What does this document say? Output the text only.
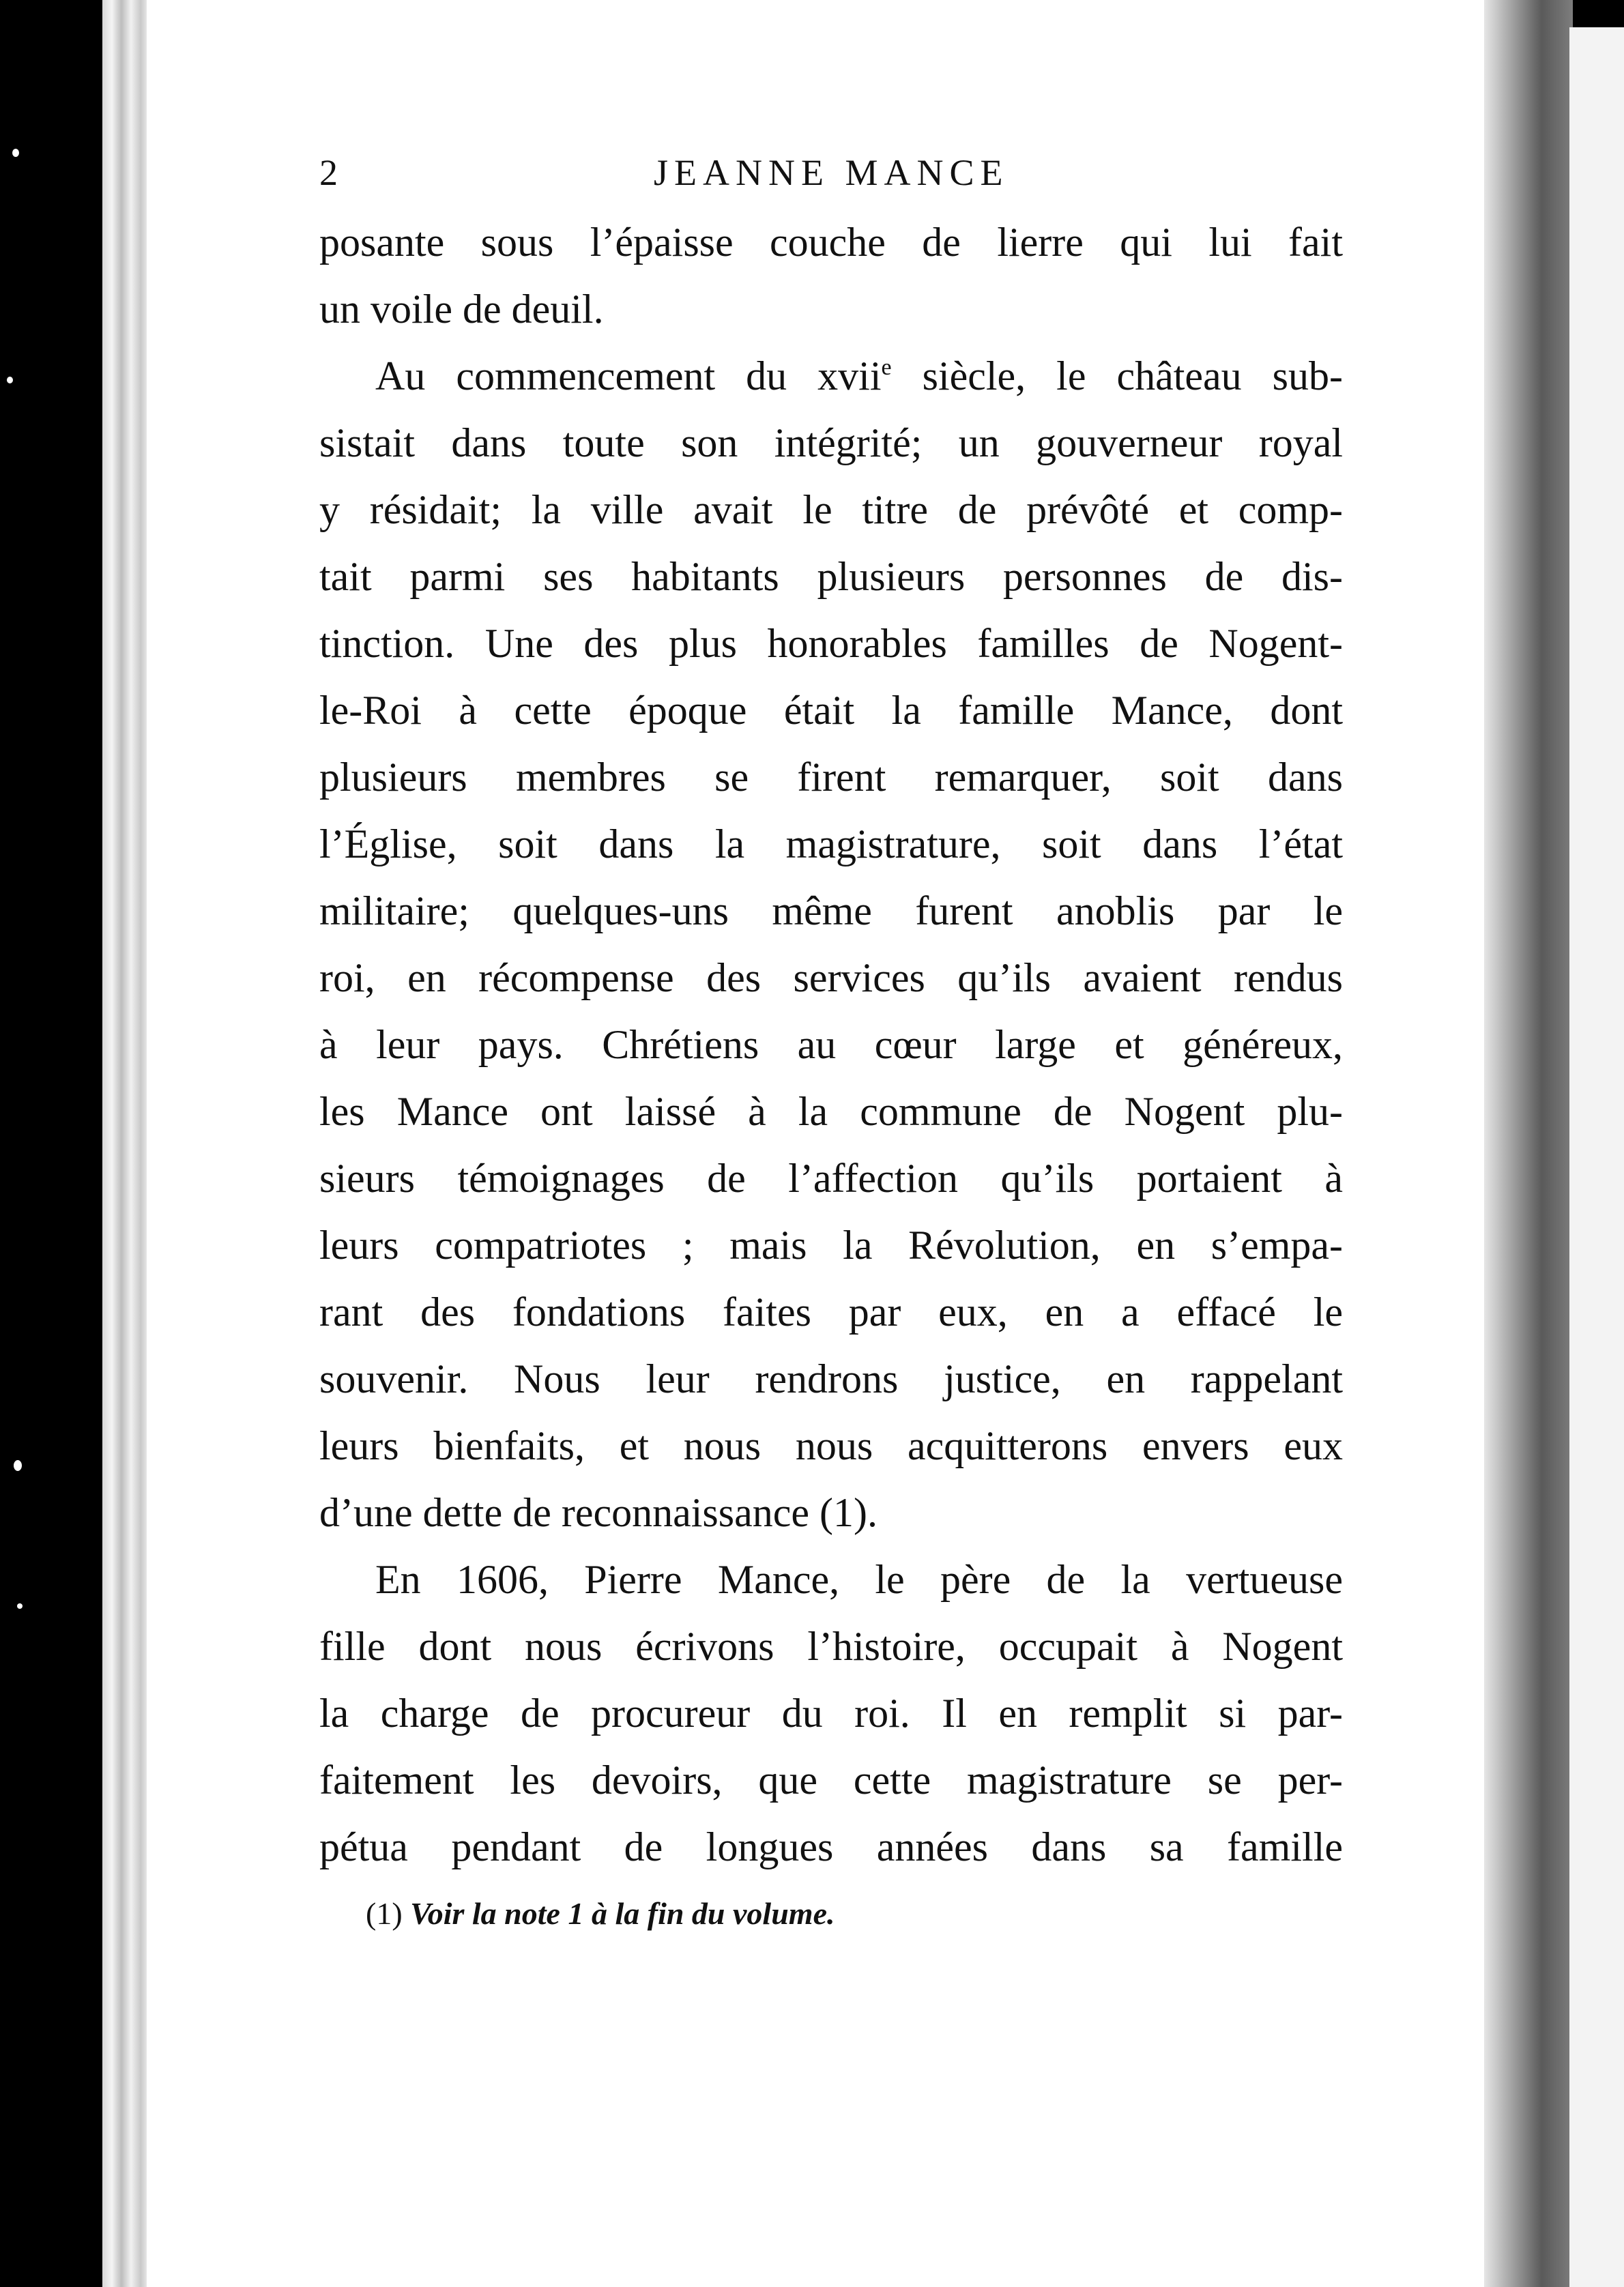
2	JEANNE MANCE
posante sous l’épaisse couche de lierre qui lui fait
un voile de deuil.
Au commencement du xvii$^e$ siècle, le château sub-
sistait dans toute son intégrité; un gouverneur royal
y résidait; la ville avait le titre de prévôté et comp-
tait parmi ses habitants plusieurs personnes de dis-
tinction. Une des plus honorables familles de Nogent-
le-Roi à cette époque était la famille Mance, dont
plusieurs membres se firent remarquer, soit dans
l’Église, soit dans la magistrature, soit dans l’état
militaire; quelques-uns même furent anoblis par le
roi, en récompense des services qu’ils avaient rendus
à leur pays. Chrétiens au cœur large et généreux,
les Mance ont laissé à la commune de Nogent plu-
sieurs témoignages de l’affection qu’ils portaient à
leurs compatriotes ; mais la Révolution, en s’empa-
rant des fondations faites par eux, en a effacé le
souvenir. Nous leur rendrons justice, en rappelant
leurs bienfaits, et nous nous acquitterons envers eux
d’une dette de reconnaissance (1).
En 1606, Pierre Mance, le père de la vertueuse
fille dont nous écrivons l’histoire, occupait à Nogent
la charge de procureur du roi. Il en remplit si par-
faitement les devoirs, que cette magistrature se per-
pétua pendant de longues années dans sa famille
(1) Voir la note 1 à la fin du volume.
